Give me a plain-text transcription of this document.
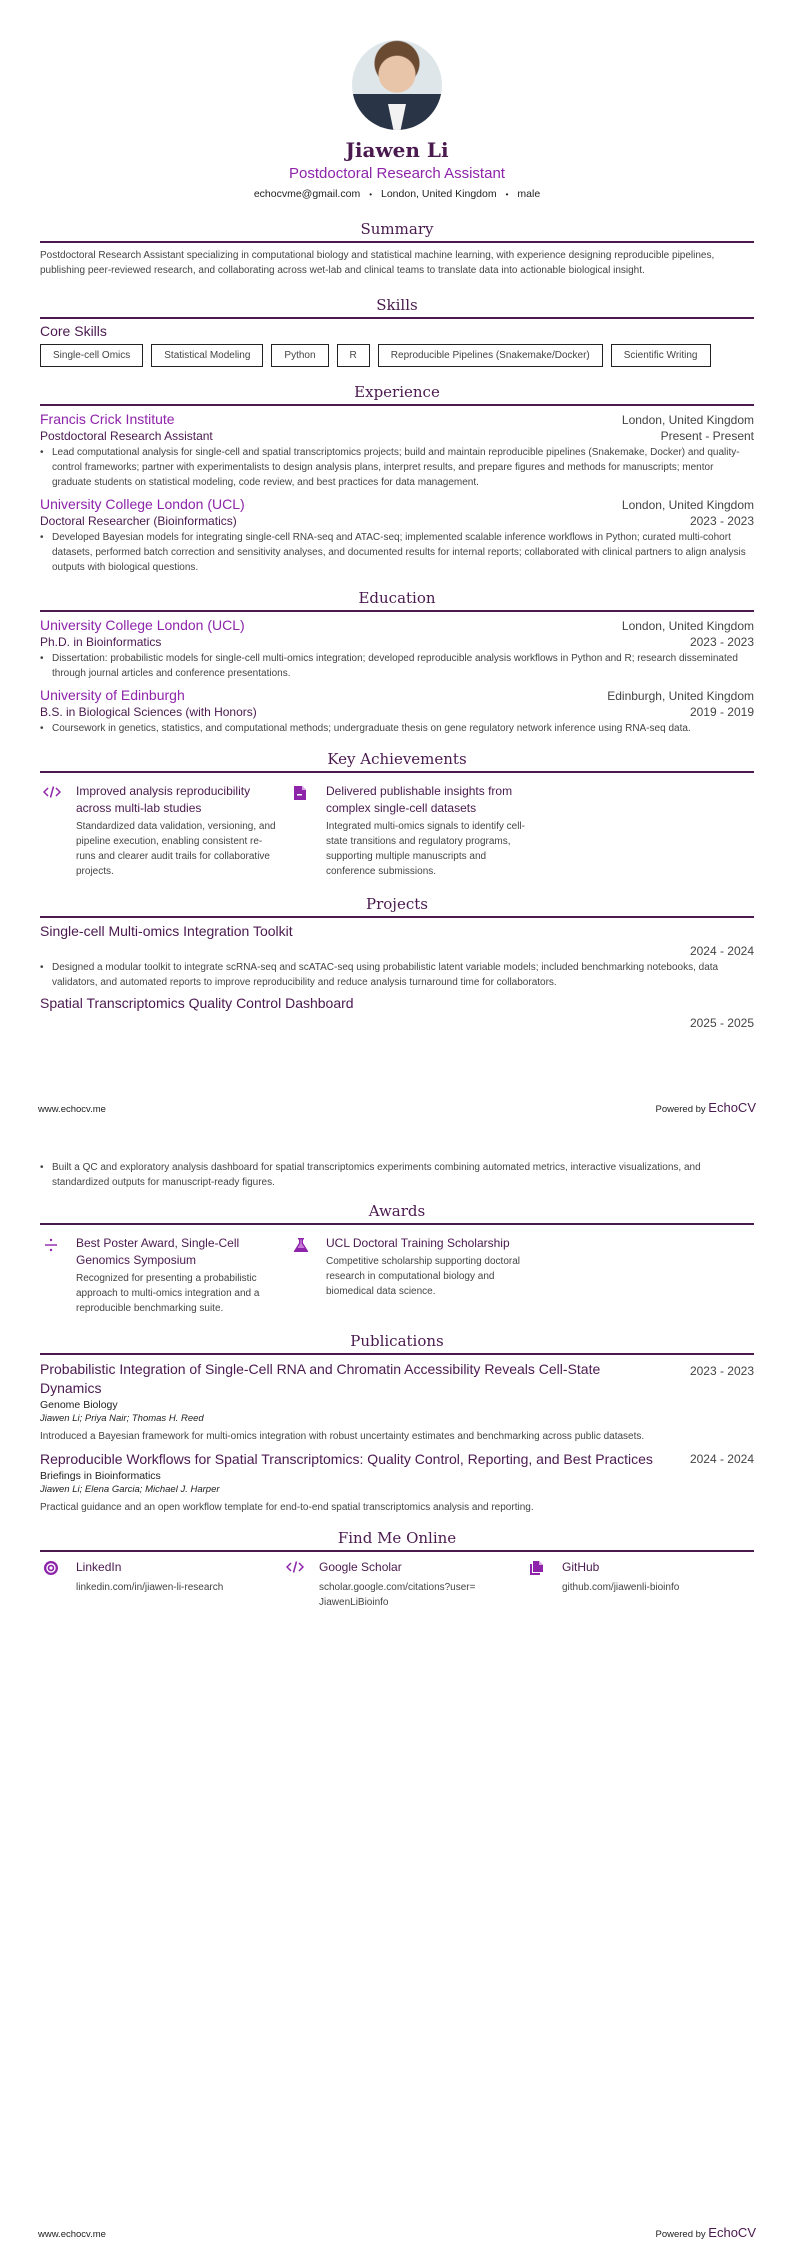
Jiawen Li
Postdoctoral Research Assistant
echocvme@gmail.com • London, United Kingdom • male
Summary

Postdoctoral Research Assistant specializing in computational biology and statistical machine learning, with experience designing reproducible pipelines, publishing peer-reviewed research, and collaborating across wet-lab and clinical teams to translate data into actionable biological insight.

Skills
Core Skills
Single-cell Omics	Statistical Modeling	Python	R	Reproducible Pipelines (Snakemake/Docker)	Scientific Writing
Experience
Francis Crick Institute	London, United Kingdom
Postdoctoral Research Assistant	Present - Present
• Lead computational analysis for single-cell and spatial transcriptomics projects; build and maintain reproducible pipelines (Snakemake, Docker) and quality-control frameworks; partner with experimentalists to design analysis plans, interpret results, and prepare figures and methods for manuscripts; mentor graduate students on statistical modeling, code review, and best practices for data management.
University College London (UCL)	London, United Kingdom
Doctoral Researcher (Bioinformatics)	2023 - 2023
• Developed Bayesian models for integrating single-cell RNA-seq and ATAC-seq; implemented scalable inference workflows in Python; curated multi-cohort datasets, performed batch correction and sensitivity analyses, and documented results for internal reports; collaborated with clinical partners to align analysis outputs with biological questions.
Education
University College London (UCL)	London, United Kingdom
Ph.D. in Bioinformatics	2023 - 2023
• Dissertation: probabilistic models for single-cell multi-omics integration; developed reproducible analysis workflows in Python and R; research disseminated through journal articles and conference presentations.
University of Edinburgh	Edinburgh, United Kingdom
B.S. in Biological Sciences (with Honors)	2019 - 2019
• Coursework in genetics, statistics, and computational methods; undergraduate thesis on gene regulatory network inference using RNA-seq data.
Key Achievements
Improved analysis reproducibility across multi-lab studies
Standardized data validation, versioning, and pipeline execution, enabling consistent re-runs and clearer audit trails for collaborative projects.
Delivered publishable insights from complex single-cell datasets
Integrated multi-omics signals to identify cell-state transitions and regulatory programs, supporting multiple manuscripts and conference submissions.
Projects
Single-cell Multi-omics Integration Toolkit
2024 - 2024
• Designed a modular toolkit to integrate scRNA-seq and scATAC-seq using probabilistic latent variable models; included benchmarking notebooks, data validators, and automated reports to improve reproducibility and reduce analysis turnaround time for collaborators.
Spatial Transcriptomics Quality Control Dashboard
2025 - 2025
www.echocv.me	Powered by EchoCV
• Built a QC and exploratory analysis dashboard for spatial transcriptomics experiments combining automated metrics, interactive visualizations, and standardized outputs for manuscript-ready figures.
Awards
Best Poster Award, Single-Cell Genomics Symposium
Recognized for presenting a probabilistic approach to multi-omics integration and a reproducible benchmarking suite.
UCL Doctoral Training Scholarship
Competitive scholarship supporting doctoral research in computational biology and biomedical data science.
Publications
Probabilistic Integration of Single-Cell RNA and Chromatin Accessibility Reveals Cell-State Dynamics
2023 - 2023
Genome Biology
Jiawen Li; Priya Nair; Thomas H. Reed
Introduced a Bayesian framework for multi-omics integration with robust uncertainty estimates and benchmarking across public datasets.
Reproducible Workflows for Spatial Transcriptomics: Quality Control, Reporting, and Best Practices	2024 - 2024
Briefings in Bioinformatics
Jiawen Li; Elena Garcia; Michael J. Harper
Practical guidance and an open workflow template for end-to-end spatial transcriptomics analysis and reporting.
Find Me Online
LinkedIn
linkedin.com/in/jiawen-li-research
Google Scholar
scholar.google.com/citations?user=JiawenLiBioinfo
GitHub
github.com/jiawenli-bioinfo
www.echocv.me	Powered by EchoCV
